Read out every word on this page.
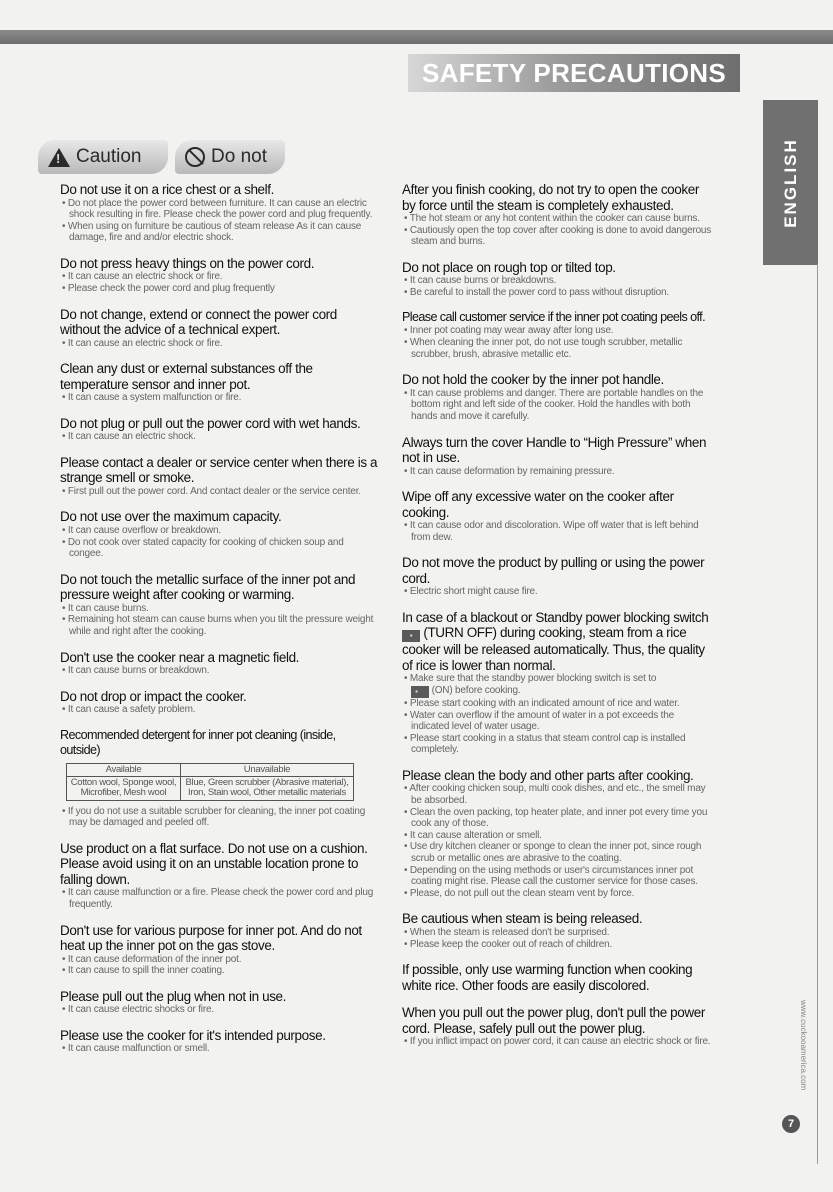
SAFETY PRECAUTIONS
ENGLISH
www.cuckooamerica.com
7
!
Caution	Do not
Do not use it on a rice chest or a shelf.

• Do not place the power cord between furniture. It can cause an electric shock resulting in fire. Please check the power cord and plug frequently.

• When using on furniture be cautious of steam release As it can cause damage, fire and and/or electric shock.

Do not press heavy things on the power cord.

• It can cause an electric shock or fire.

• Please check the power cord and plug frequently

Do not change, extend or connect the power cord without the advice of a technical expert.

• It can cause an electric shock or fire.

Clean any dust or external substances off the temperature sensor and inner pot.

• It can cause a system malfunction or fire.

Do not plug or pull out the power cord with wet hands.

• It can cause an electric shock.

Please contact a dealer or service center when there is a strange smell or smoke.

• First pull out the power cord. And contact dealer or the service center.

Do not use over the maximum capacity.

• It can cause overflow or breakdown.

• Do not cook over stated capacity for cooking of chicken soup and congee.

Do not touch the metallic surface of the inner pot and pressure weight after cooking or warming.

• It can cause burns.

• Remaining hot steam can cause burns when you tilt the pressure weight while and right after the cooking.

Don't use the cooker near a magnetic field.

• It can cause burns or breakdown.

Do not drop or impact the cooker.

• It can cause a safety problem.

Recommended detergent for inner pot cleaning (inside, outside)
Available	Unavailable
Cotton wool, Sponge wool, Microfiber, Mesh wool	Blue, Green scrubber (Abrasive material), Iron, Stain wool, Other metallic materials

• If you do not use a suitable scrubber for cleaning, the inner pot coating may be damaged and peeled off.

Use product on a flat surface. Do not use on a cushion. Please avoid using it on an unstable location prone to falling down.

• It can cause malfunction or a fire. Please check the power cord and plug frequently.

Don't use for various purpose for inner pot. And do not heat up the inner pot on the gas stove.

• It can cause deformation of the inner pot.

• It can cause to spill the inner coating.

Please pull out the plug when not in use.

• It can cause electric shocks or fire.

Please use the cooker for it's intended purpose.

• It can cause malfunction or smell.

After you finish cooking, do not try to open the cooker by force until the steam is completely exhausted.

• The hot steam or any hot content within the cooker can cause burns.

• Cautiously open the top cover after cooking is done to avoid dangerous steam and burns.

Do not place on rough top or tilted top.

• It can cause burns or breakdowns.

• Be careful to install the power cord to pass without disruption.

Please call customer service if the inner pot coating peels off.

• Inner pot coating may wear away after long use.

• When cleaning the inner pot, do not use tough scrubber, metallic scrubber, brush, abrasive metallic etc.

Do not hold the cooker by the inner pot handle.

• It can cause problems and danger. There are portable handles on the bottom right and left side of the cooker. Hold the handles with both hands and move it carefully.

Always turn the cover Handle to “High Pressure” when not in use.

• It can cause deformation by remaining pressure.

Wipe off any excessive water on the cooker after cooking.

• It can cause odor and discoloration. Wipe off water that is left behind from dew.

Do not move the product by pulling or using the power cord.

• Electric short might cause fire.

In case of a blackout or Standby power blocking switch ▪ (TURN OFF) during cooking, steam from a rice cooker will be released automatically. Thus, the quality of rice is lower than normal.

• Make sure that the standby power blocking switch is set to
▪ (ON) before cooking.

• Please start cooking with an indicated amount of rice and water.

• Water can overflow if the amount of water in a pot exceeds the indicated level of water usage.

• Please start cooking in a status that steam control cap is installed completely.

Please clean the body and other parts after cooking.

• After cooking chicken soup, multi cook dishes, and etc., the smell may be absorbed.

• Clean the oven packing, top heater plate, and inner pot every time you cook any of those.

• It can cause alteration or smell.

• Use dry kitchen cleaner or sponge to clean the inner pot, since rough scrub or metallic ones are abrasive to the coating.

• Depending on the using methods or user's circumstances inner pot coating might rise. Please call the customer service for those cases.

• Please, do not pull out the clean steam vent by force.

Be cautious when steam is being released.

• When the steam is released don't be surprised.

• Please keep the cooker out of reach of children.

If possible, only use warming function when cooking white rice. Other foods are easily discolored.
When you pull out the power plug, don't pull the power cord. Please, safely pull out the power plug.

• If you inflict impact on power cord, it can cause an electric shock or fire.
